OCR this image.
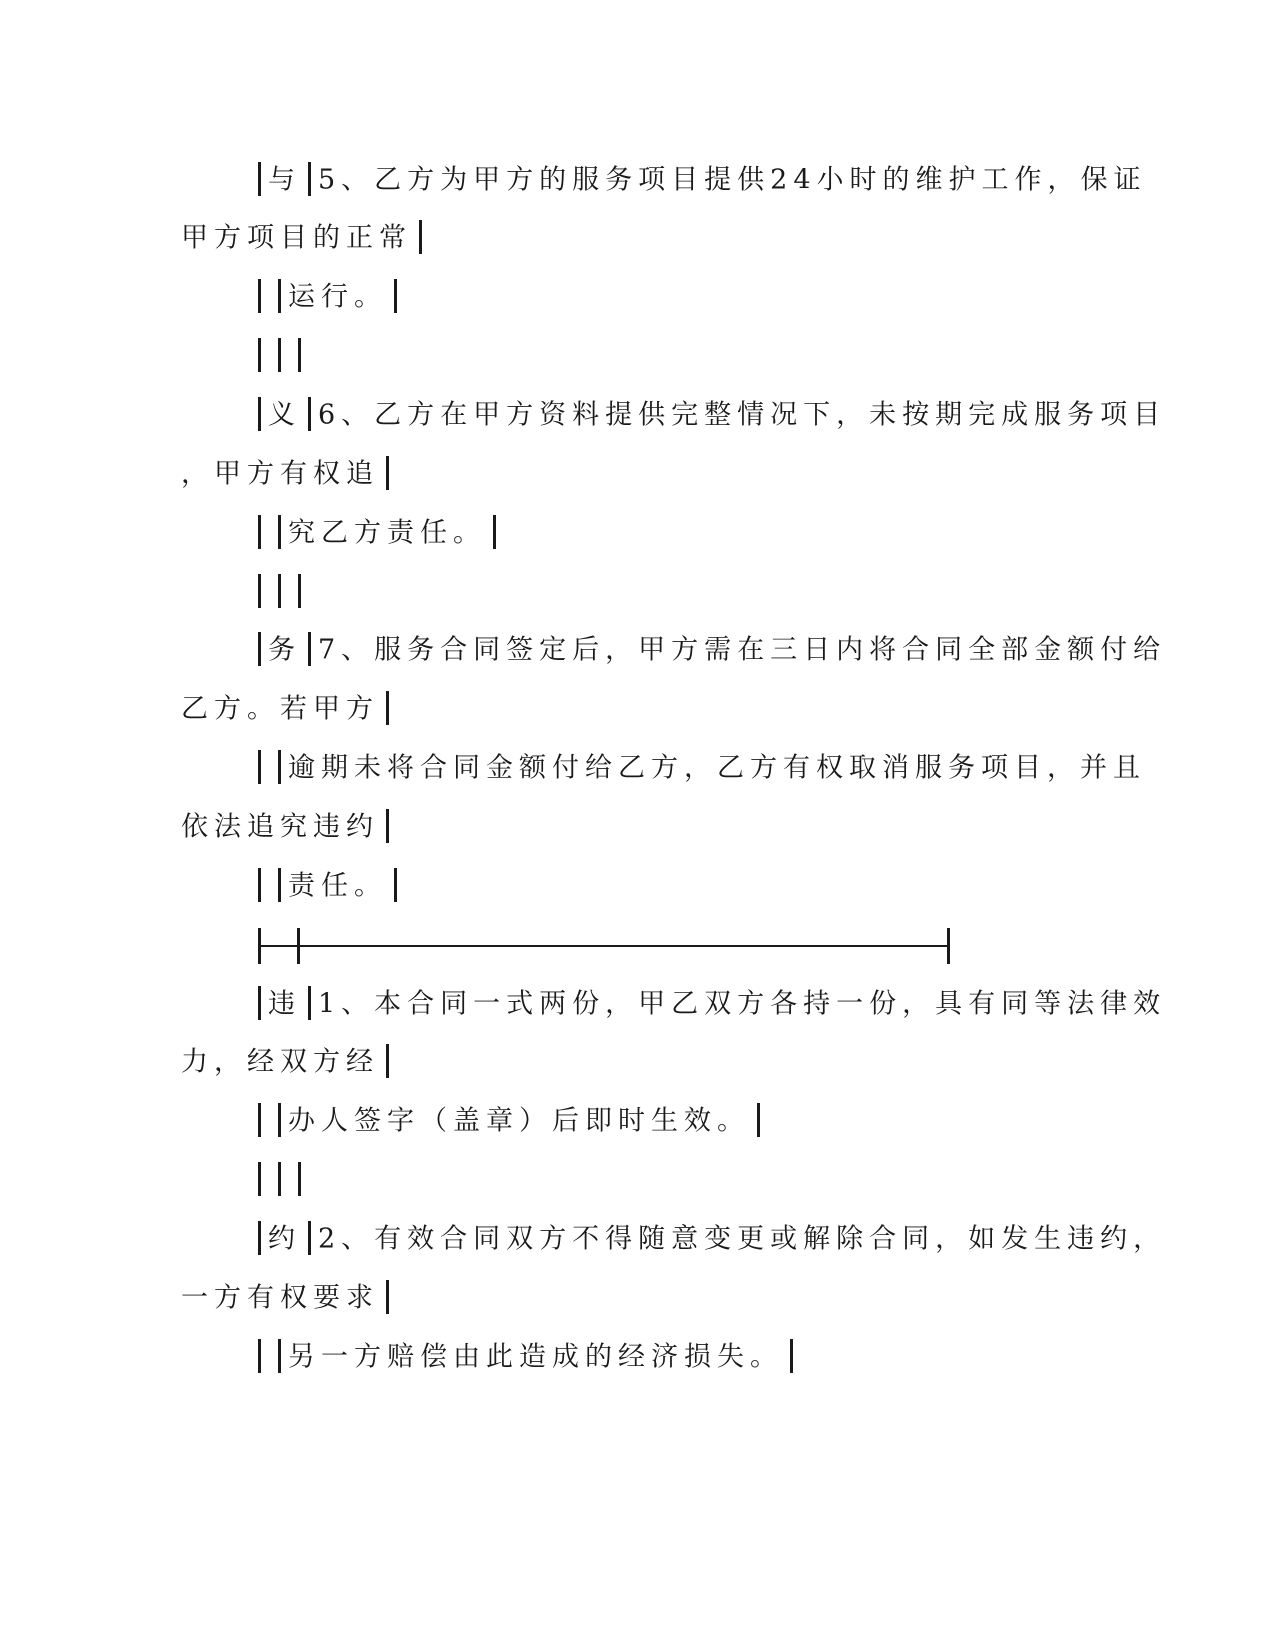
与 5、乙方为甲方的服务项目提供24小时的维护工作，保证
甲方项目的正常
运行。
义 6、乙方在甲方资料提供完整情况下，未按期完成服务项目
，甲方有权追
究乙方责任。
务 7、服务合同签定后，甲方需在三日内将合同全部金额付给
乙方。若甲方
逾期未将合同金额付给乙方，乙方有权取消服务项目，并且
依法追究违约
责任。
违 1、本合同一式两份，甲乙双方各持一份，具有同等法律效
力，经双方经
办人签字（盖章）后即时生效。
约 2、有效合同双方不得随意变更或解除合同，如发生违约，
一方有权要求
另一方赔偿由此造成的经济损失。
